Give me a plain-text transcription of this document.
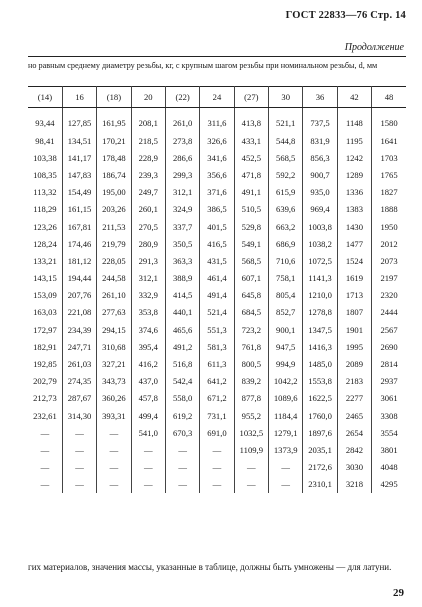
ГОСТ 22833—76 Стр. 14
Продолжение
но равным среднему диаметру резьбы, кг, с крупным шагом резьбы при номинальном резьбы, d, мм
(14)	16	(18)	20	(22)	24	(27)	30	36	42	48
93,44	127,85	161,95	208,1	261,0	311,6	413,8	521,1	737,5	1148	1580
98,41	134,51	170,21	218,5	273,8	326,6	433,1	544,8	831,9	1195	1641
103,38	141,17	178,48	228,9	286,6	341,6	452,5	568,5	856,3	1242	1703
108,35	147,83	186,74	239,3	299,3	356,6	471,8	592,2	900,7	1289	1765
113,32	154,49	195,00	249,7	312,1	371,6	491,1	615,9	935,0	1336	1827
118,29	161,15	203,26	260,1	324,9	386,5	510,5	639,6	969,4	1383	1888
123,26	167,81	211,53	270,5	337,7	401,5	529,8	663,2	1003,8	1430	1950
128,24	174,46	219,79	280,9	350,5	416,5	549,1	686,9	1038,2	1477	2012
133,21	181,12	228,05	291,3	363,3	431,5	568,5	710,6	1072,5	1524	2073
143,15	194,44	244,58	312,1	388,9	461,4	607,1	758,1	1141,3	1619	2197
153,09	207,76	261,10	332,9	414,5	491,4	645,8	805,4	1210,0	1713	2320
163,03	221,08	277,63	353,8	440,1	521,4	684,5	852,7	1278,8	1807	2444
172,97	234,39	294,15	374,6	465,6	551,3	723,2	900,1	1347,5	1901	2567
182,91	247,71	310,68	395,4	491,2	581,3	761,8	947,5	1416,3	1995	2690
192,85	261,03	327,21	416,2	516,8	611,3	800,5	994,9	1485,0	2089	2814
202,79	274,35	343,73	437,0	542,4	641,2	839,2	1042,2	1553,8	2183	2937
212,73	287,67	360,26	457,8	558,0	671,2	877,8	1089,6	1622,5	2277	3061
232,61	314,30	393,31	499,4	619,2	731,1	955,2	1184,4	1760,0	2465	3308
—	—	—	541,0	670,3	691,0	1032,5	1279,1	1897,6	2654	3554
—	—	—	—	—	—	1109,9	1373,9	2035,1	2842	3801
—	—	—	—	—	—	—	—	2172,6	3030	4048
—	—	—	—	—	—	—	—	2310,1	3218	4295
гих материалов, значения массы, указанные в таблице, должны быть умножены — для латуни.
29
